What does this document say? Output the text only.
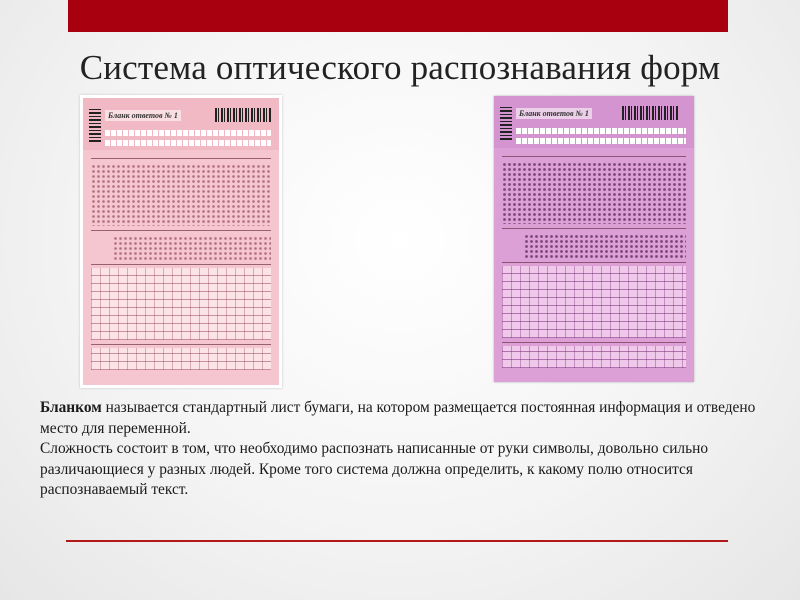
Система оптического распознавания форм
Бланк ответов № 1	Бланк ответов № 1

Бланком называется стандартный лист бумаги, на котором размещается постоянная информация и отведено место для переменной.

Сложность состоит в том, что необходимо распознать написанные от руки символы, довольно сильно различающиеся у разных людей. Кроме того система должна определить, к какому полю относится распознаваемый текст.
